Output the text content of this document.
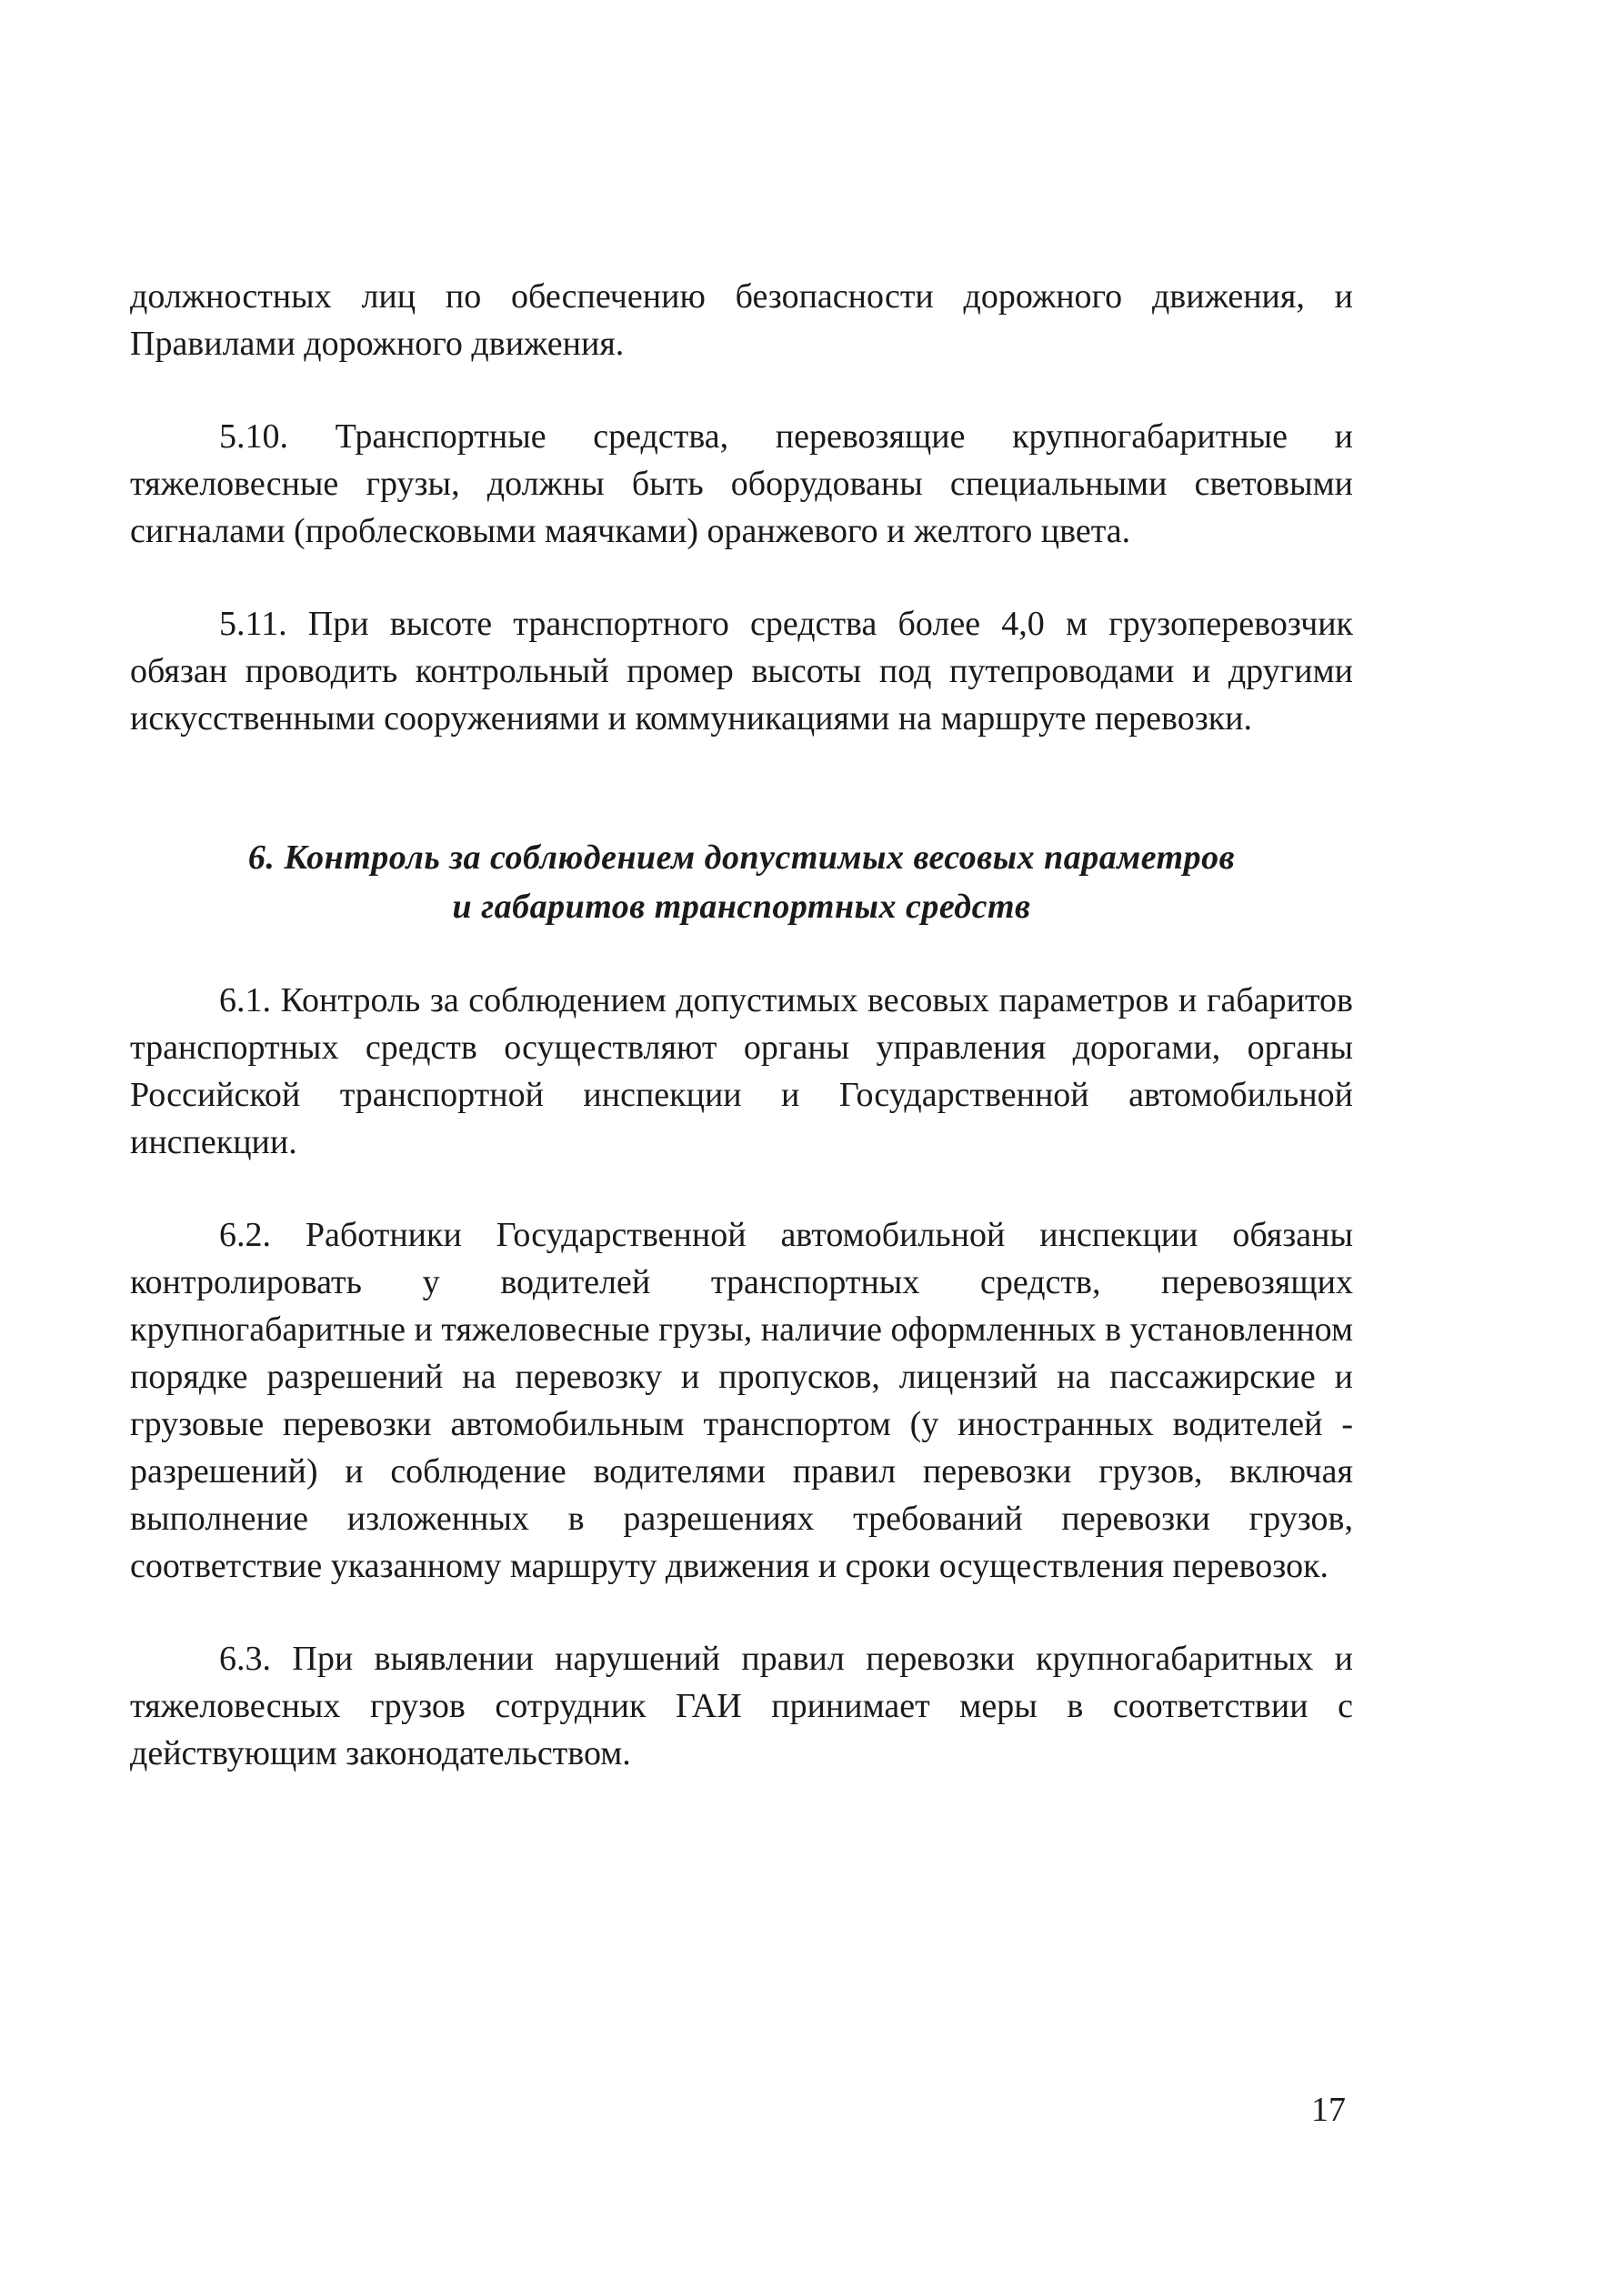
должностных лиц по обеспечению безопасности дорожного движения, и Правилами дорожного движения.

5.10. Транспортные средства, перевозящие крупногабаритные и тяжеловесные грузы, должны быть оборудованы специальными световыми сигналами (проблесковыми маячками) оранжевого и желтого цвета.

5.11. При высоте транспортного средства более 4,0 м грузоперевозчик обязан проводить контрольный промер высоты под путепроводами и другими искусственными сооружениями и коммуникациями на маршруте перевозки.

6. Контроль за соблюдением допустимых весовых параметров

и габаритов транспортных средств

6.1. Контроль за соблюдением допустимых весовых параметров и габаритов транспортных средств осуществляют органы управления дорогами, органы Российской транспортной инспекции и Государственной автомобильной инспекции.

6.2. Работники Государственной автомобильной инспекции обязаны контролировать у водителей транспортных средств, перевозящих крупногабаритные и тяжеловесные грузы, наличие оформленных в установленном порядке разрешений на перевозку и пропусков, лицензий на пассажирские и грузовые перевозки автомобильным транспортом (у иностранных водителей - разрешений) и соблюдение водителями правил перевозки грузов, включая выполнение изложенных в разрешениях требований перевозки грузов, соответствие указанному маршруту движения и сроки осуществления перевозок.

6.3. При выявлении нарушений правил перевозки крупногабаритных и тяжеловесных грузов сотрудник ГАИ принимает меры в соответствии с действующим законодательством.

17
